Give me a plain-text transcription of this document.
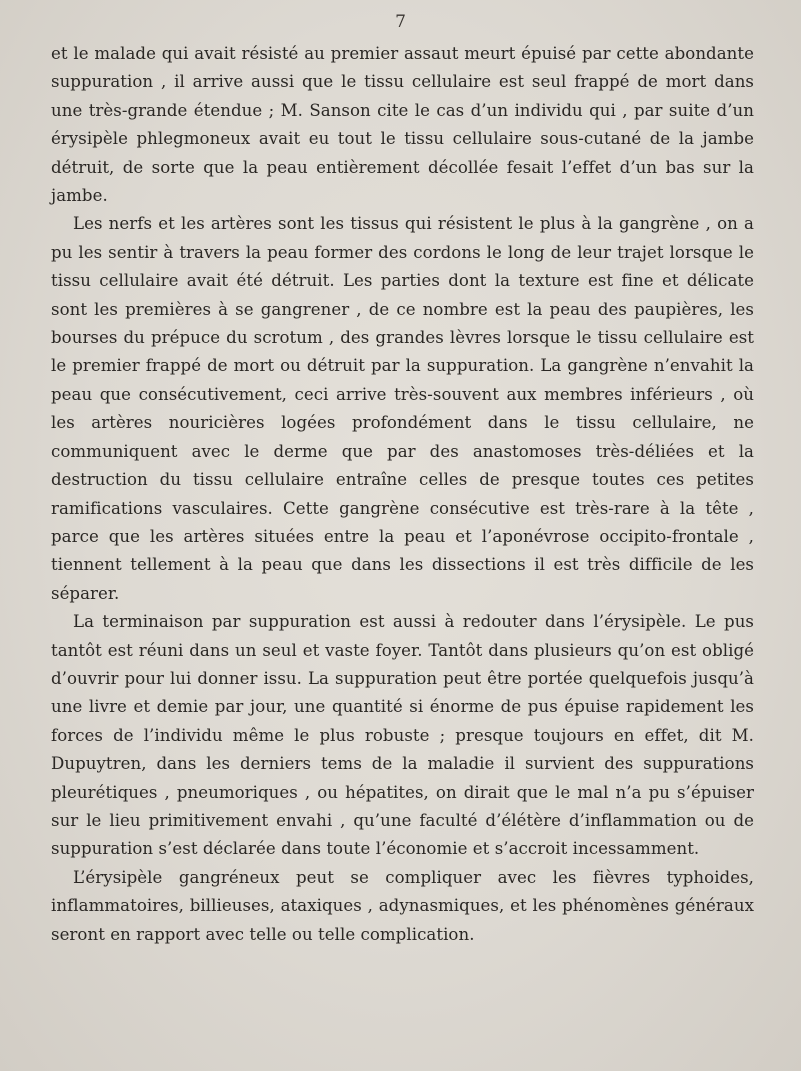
7

et le malade qui avait résisté au premier assaut meurt épuisé par cette abondante suppuration , il arrive aussi que le tissu cellulaire est seul frappé de mort dans une très-grande étendue ; M. Sanson cite le cas d’un individu qui , par suite d’un érysipèle phlegmoneux avait eu tout le tissu cellulaire sous-cutané de la jambe détruit, de sorte que la peau entièrement décollée fesait l’effet d’un bas sur la jambe.

Les nerfs et les artères sont les tissus qui résistent le plus à la gangrène , on a pu les sentir à travers la peau former des cordons le long de leur trajet lorsque le tissu cellulaire avait été détruit. Les parties dont la texture est fine et délicate sont les premières à se gangrener , de ce nombre est la peau des paupières, les bourses du prépuce du scrotum , des grandes lèvres lorsque le tissu cellulaire est le premier frappé de mort ou détruit par la suppuration. La gangrène n’envahit la peau que consécutivement, ceci arrive très-souvent aux membres inférieurs , où les artères nouricières logées profondément dans le tissu cellulaire, ne communiquent avec le derme que par des anastomoses très-déliées et la destruction du tissu cellulaire entraîne celles de presque toutes ces petites ramifications vasculaires. Cette gangrène consécutive est très-rare à la tête , parce que les artères situées entre la peau et l’aponévrose occipito-frontale , tiennent tellement à la peau que dans les dissections il est très difficile de les séparer.

La terminaison par suppuration est aussi à redouter dans l’érysipèle. Le pus tantôt est réuni dans un seul et vaste foyer. Tantôt dans plusieurs qu’on est obligé d’ouvrir pour lui donner issu. La suppuration peut être portée quelquefois jusqu’à une livre et demie par jour, une quantité si énorme de pus épuise rapidement les forces de l’individu même le plus robuste ; presque toujours en effet, dit M. Dupuytren, dans les derniers tems de la maladie il survient des suppurations pleurétiques , pneumoriques , ou hépatites, on dirait que le mal n’a pu s’épuiser sur le lieu primitivement envahi , qu’une faculté d’élétère d’inflammation ou de suppuration s’est déclarée dans toute l’économie et s’accroit incessamment.

L’érysipèle gangréneux peut se compliquer avec les fièvres typhoides, inflammatoires, billieuses, ataxiques , adynasmiques, et les phénomènes généraux seront en rapport avec telle ou telle complication.
